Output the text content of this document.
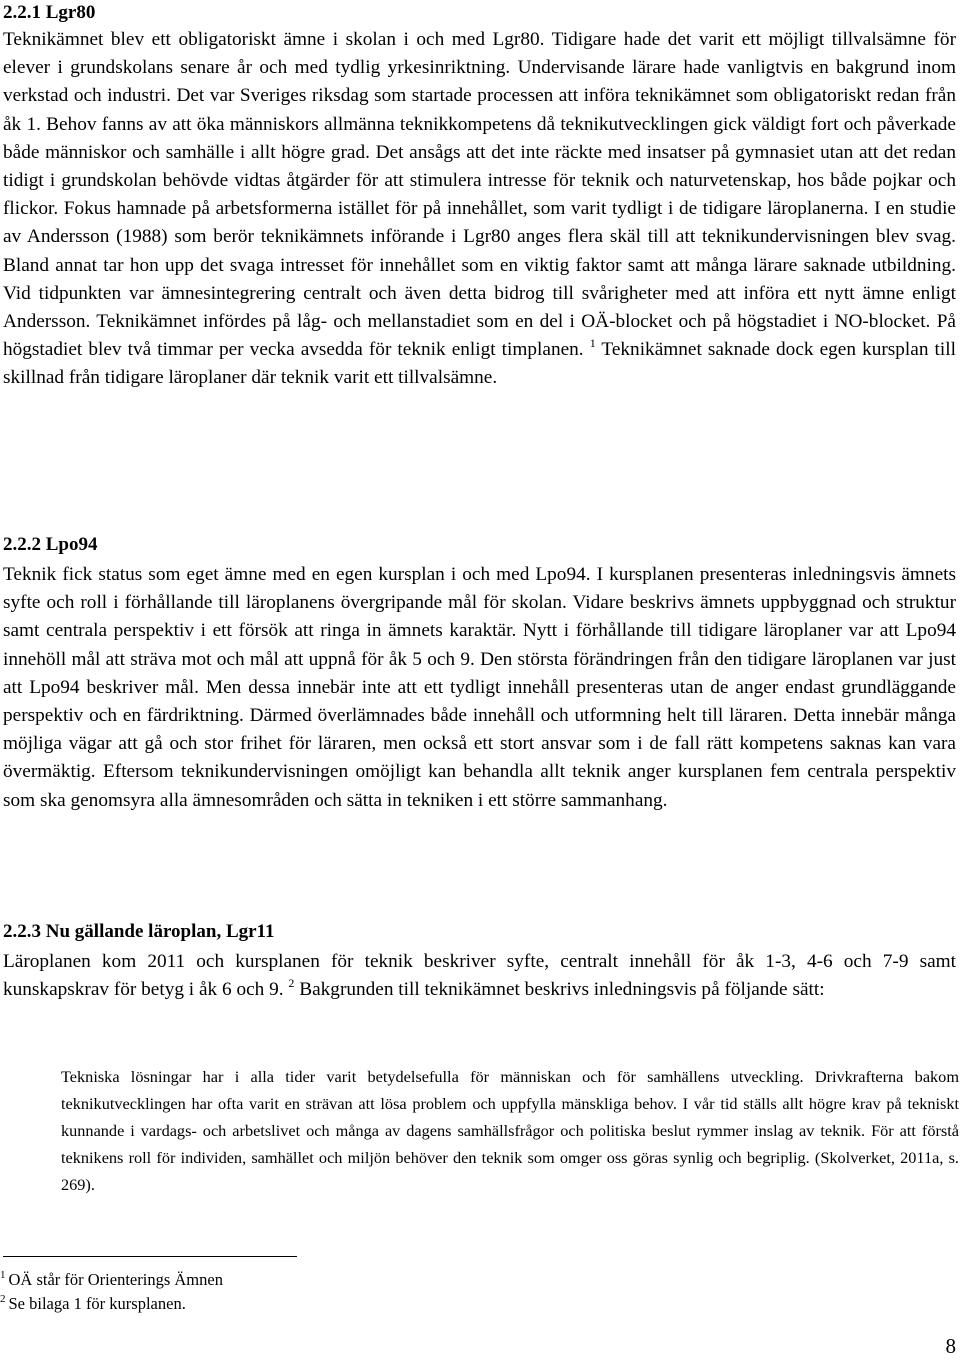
2.2.1 Lgr80

Teknikämnet blev ett obligatoriskt ämne i skolan i och med Lgr80. Tidigare hade det varit ett möjligt tillvalsämne för elever i grundskolans senare år och med tydlig yrkesinriktning. Undervisande lärare hade vanligtvis en bakgrund inom verkstad och industri. Det var Sveriges riksdag som startade processen att införa teknikämnet som obligatoriskt redan från åk 1. Behov fanns av att öka människors allmänna teknikkompetens då teknikutvecklingen gick väldigt fort och påverkade både människor och samhälle i allt högre grad. Det ansågs att det inte räckte med insatser på gymnasiet utan att det redan tidigt i grundskolan behövde vidtas åtgärder för att stimulera intresse för teknik och naturvetenskap, hos både pojkar och flickor. Fokus hamnade på arbetsformerna istället för på innehållet, som varit tydligt i de tidigare läroplanerna. I en studie av Andersson (1988) som berör teknikämnets införande i Lgr80 anges flera skäl till att teknikundervisningen blev svag. Bland annat tar hon upp det svaga intresset för innehållet som en viktig faktor samt att många lärare saknade utbildning. Vid tidpunkten var ämnesintegrering centralt och även detta bidrog till svårigheter med att införa ett nytt ämne enligt Andersson. Teknikämnet infördes på låg- och mellanstadiet som en del i OÄ-blocket och på högstadiet i NO-blocket. På högstadiet blev två timmar per vecka avsedda för teknik enligt timplanen. $^1$ Teknikämnet saknade dock egen kursplan till skillnad från tidigare läroplaner där teknik varit ett tillvalsämne.

2.2.2 Lpo94

Teknik fick status som eget ämne med en egen kursplan i och med Lpo94. I kursplanen presenteras inledningsvis ämnets syfte och roll i förhållande till läroplanens övergripande mål för skolan. Vidare beskrivs ämnets uppbyggnad och struktur samt centrala perspektiv i ett försök att ringa in ämnets karaktär. Nytt i förhållande till tidigare läroplaner var att Lpo94 innehöll mål att sträva mot och mål att uppnå för åk 5 och 9. Den största förändringen från den tidigare läroplanen var just att Lpo94 beskriver mål. Men dessa innebär inte att ett tydligt innehåll presenteras utan de anger endast grundläggande perspektiv och en färdriktning. Därmed överlämnades både innehåll och utformning helt till läraren. Detta innebär många möjliga vägar att gå och stor frihet för läraren, men också ett stort ansvar som i de fall rätt kompetens saknas kan vara övermäktig. Eftersom teknikundervisningen omöjligt kan behandla allt teknik anger kursplanen fem centrala perspektiv som ska genomsyra alla ämnesområden och sätta in tekniken i ett större sammanhang.

2.2.3 Nu gällande läroplan, Lgr11

Läroplanen kom 2011 och kursplanen för teknik beskriver syfte, centralt innehåll för åk 1-3, 4-6 och 7-9 samt kunskapskrav för betyg i åk 6 och 9. $^2$ Bakgrunden till teknikämnet beskrivs inledningsvis på följande sätt:

Tekniska lösningar har i alla tider varit betydelsefulla för människan och för samhällens utveckling. Drivkrafterna bakom teknikutvecklingen har ofta varit en strävan att lösa problem och uppfylla mänskliga behov. I vår tid ställs allt högre krav på tekniskt kunnande i vardags- och arbetslivet och många av dagens samhällsfrågor och politiska beslut rymmer inslag av teknik. För att förstå teknikens roll för individen, samhället och miljön behöver den teknik som omger oss göras synlig och begriplig. (Skolverket, 2011a, s. 269).

$^1$ OÄ står för Orienterings Ämnen
$^2$ Se bilaga 1 för kursplanen.
8
